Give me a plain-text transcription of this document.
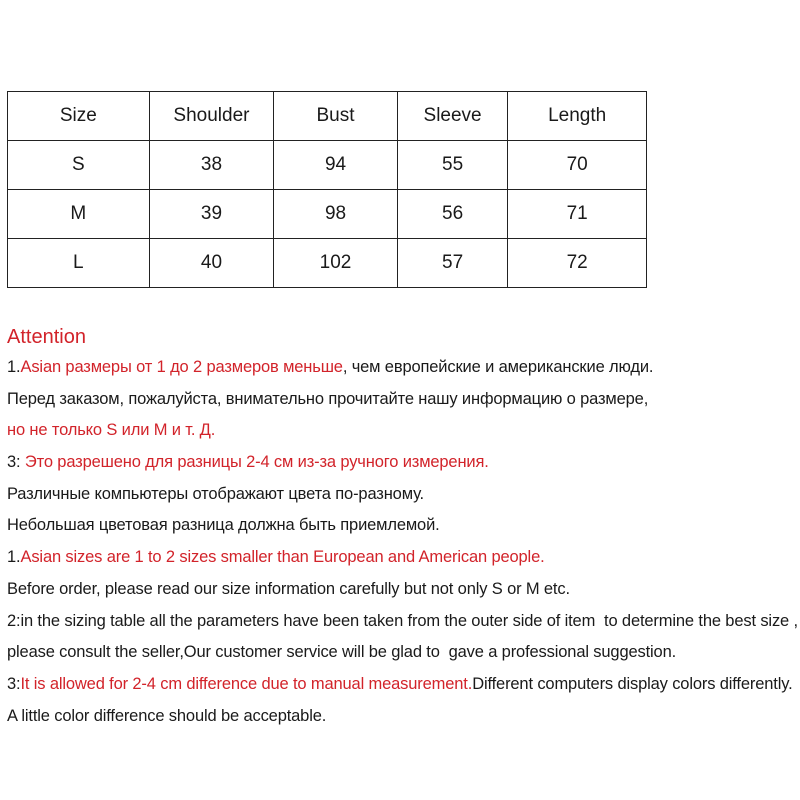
Size	Shoulder	Bust	Sleeve	Length
S	38	94	55	70
M	39	98	56	71
L	40	102	57	72
Attention
1.Asian размеры от 1 до 2 размеров меньше, чем европейские и американские люди.
Перед заказом, пожалуйста, внимательно прочитайте нашу информацию о размере,
но не только S или M и т. Д.
3: Это разрешено для разницы 2-4 см из-за ручного измерения.
Различные компьютеры отображают цвета по-разному.
Небольшая цветовая разница должна быть приемлемой.
1.Asian sizes are 1 to 2 sizes smaller than European and American people.
Before order, please read our size information carefully but not only S or M etc.
2:in the sizing table all the parameters have been taken from the outer side of item  to determine the best size ,
please consult the seller,Our customer service will be glad to  gave a professional suggestion.
3:It is allowed for 2-4 cm difference due to manual measurement.Different computers display colors differently.
A little color difference should be acceptable.
